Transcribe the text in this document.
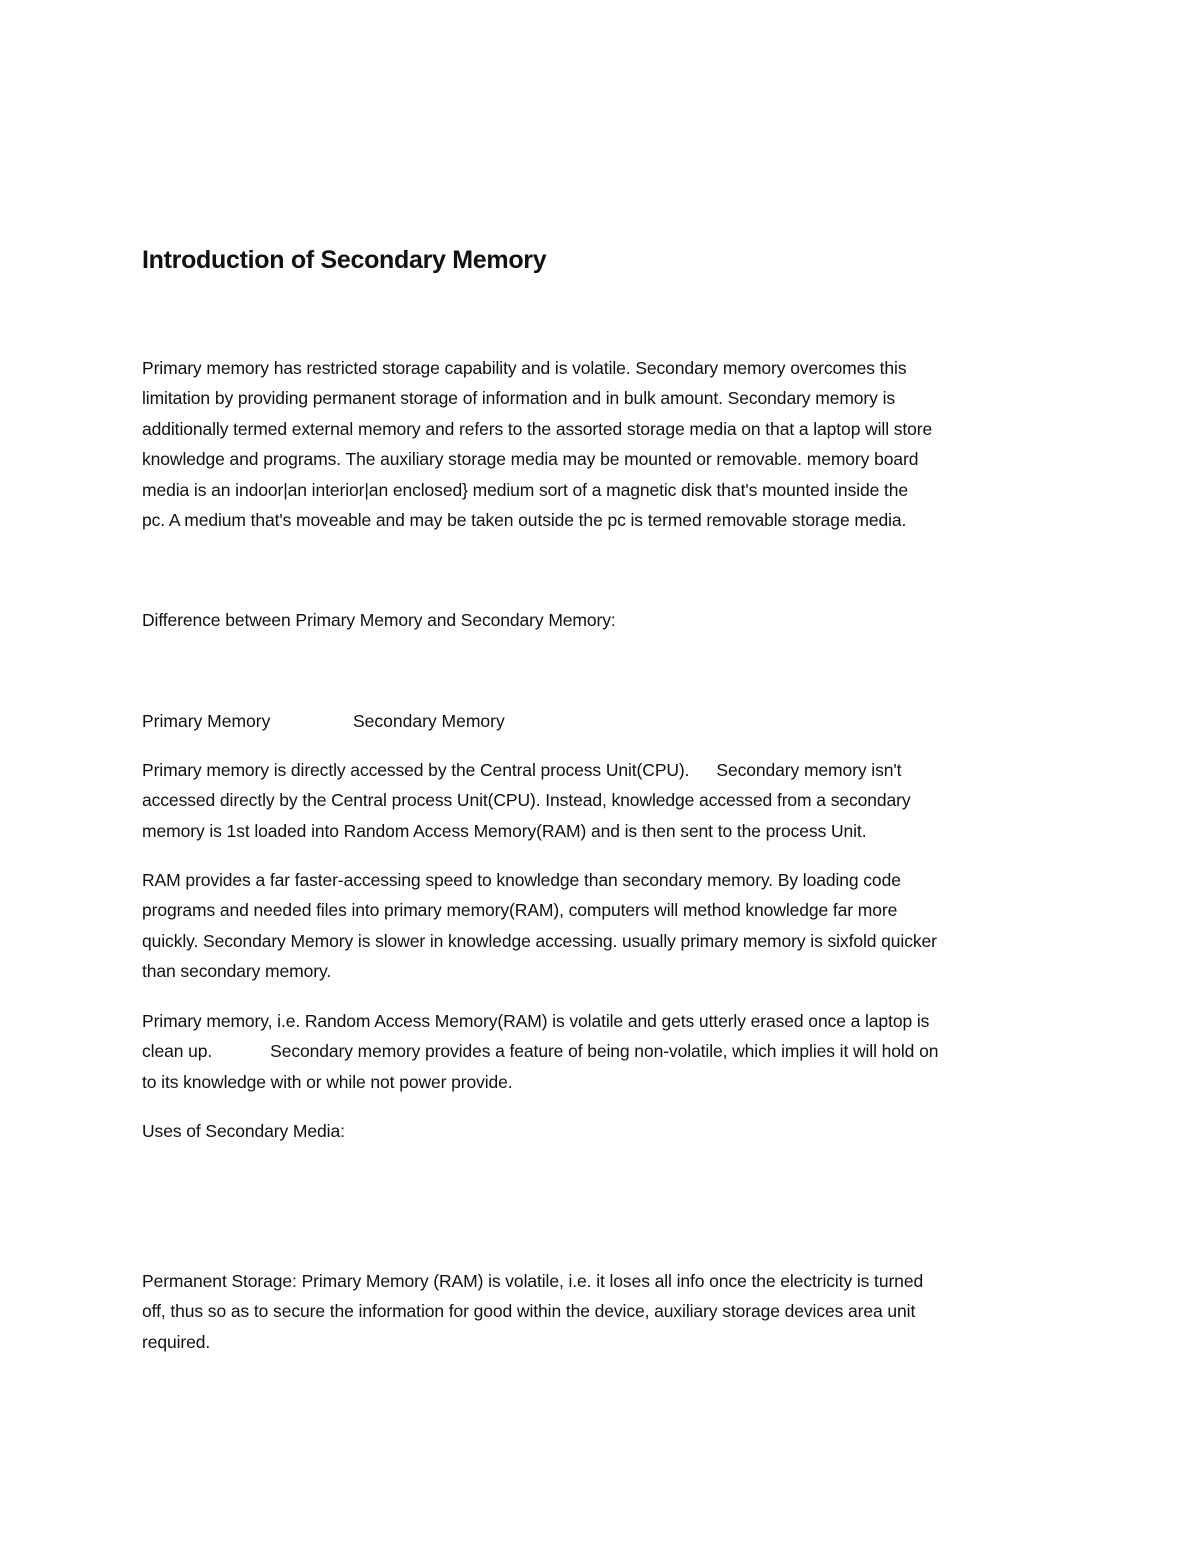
Introduction of Secondary Memory

Primary memory has restricted storage capability and is volatile. Secondary memory overcomes this
limitation by providing permanent storage of information and in bulk amount. Secondary memory is
additionally termed external memory and refers to the assorted storage media on that a laptop will store
knowledge and programs. The auxiliary storage media may be mounted or removable. memory board
media is an indoor|an interior|an enclosed} medium sort of a magnetic disk that's mounted inside the
pc. A medium that's moveable and may be taken outside the pc is termed removable storage media.

Difference between Primary Memory and Secondary Memory:

Primary Memory	Secondary Memory

Primary memory is directly accessed by the Central process Unit(CPU). Secondary memory isn't
accessed directly by the Central process Unit(CPU). Instead, knowledge accessed from a secondary
memory is 1st loaded into Random Access Memory(RAM) and is then sent to the process Unit.

RAM provides a far faster-accessing speed to knowledge than secondary memory. By loading code
programs and needed files into primary memory(RAM), computers will method knowledge far more
quickly. Secondary Memory is slower in knowledge accessing. usually primary memory is sixfold quicker
than secondary memory.

Primary memory, i.e. Random Access Memory(RAM) is volatile and gets utterly erased once a laptop is
clean up.	Secondary memory provides a feature of being non-volatile, which implies it will hold on
to its knowledge with or while not power provide.

Uses of Secondary Media:

Permanent Storage: Primary Memory (RAM) is volatile, i.e. it loses all info once the electricity is turned
off, thus so as to secure the information for good within the device, auxiliary storage devices area unit
required.
